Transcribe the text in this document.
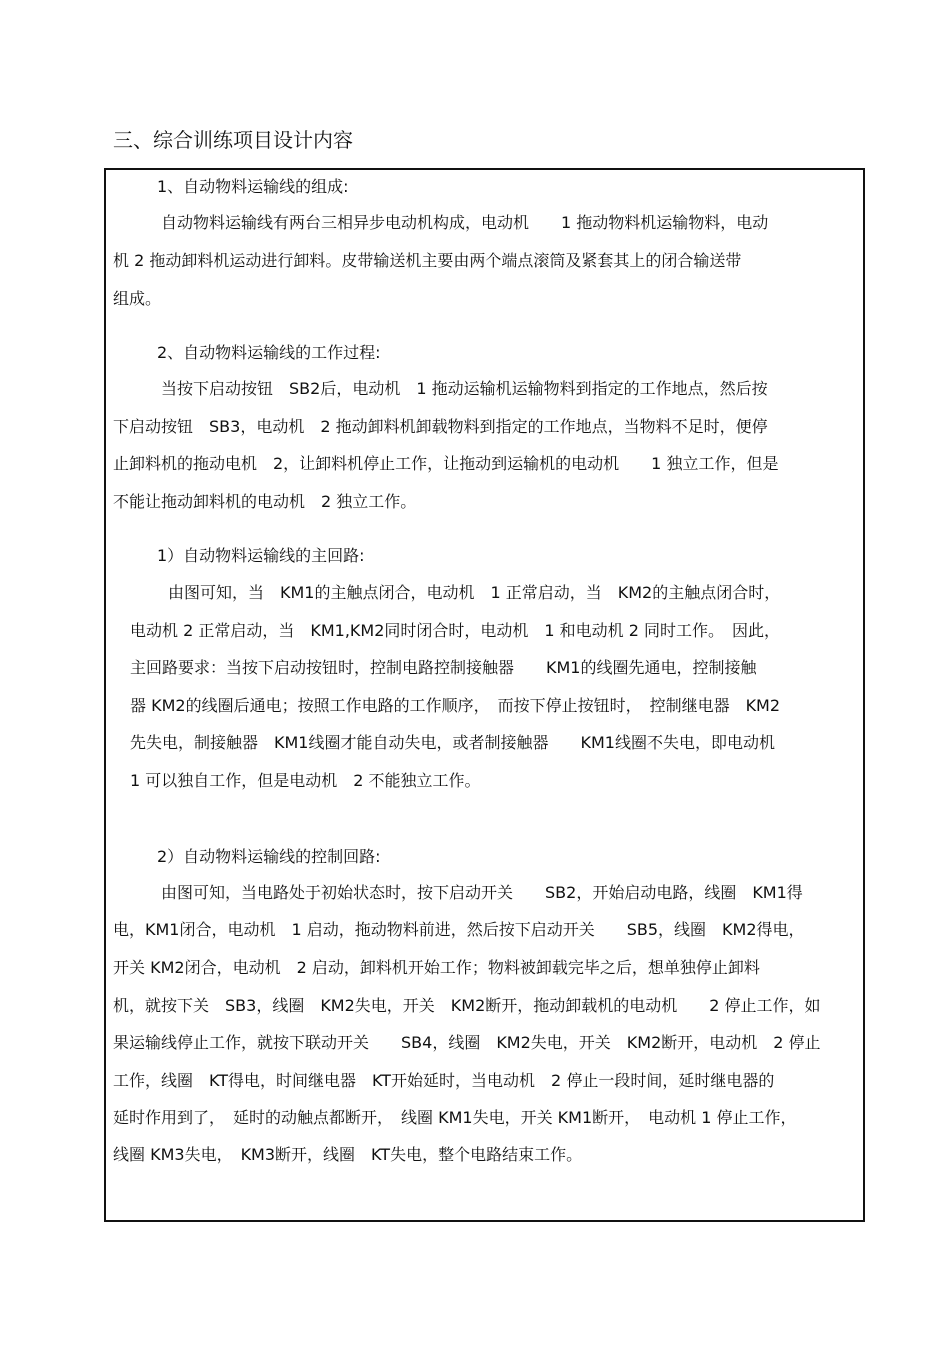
三、综合训练项目设计内容
1、自动物料运输线的组成:
自动物料运输线有两台三相异步电动机构成，电动机　　1 拖动物料机运输物料，电动
机 2 拖动卸料机运动进行卸料。皮带输送机主要由两个端点滚筒及紧套其上的闭合输送带
组成。
2、自动物料运输线的工作过程:
当按下启动按钮　SB2后，电动机　1 拖动运输机运输物料到指定的工作地点，然后按
下启动按钮　SB3，电动机　2 拖动卸料机卸载物料到指定的工作地点，当物料不足时，便停
止卸料机的拖动电机　2，让卸料机停止工作，让拖动到运输机的电动机　　1 独立工作，但是
不能让拖动卸料机的电动机　2 独立工作。
1）自动物料运输线的主回路:
由图可知，当　KM1的主触点闭合，电动机　1 正常启动，当　KM2的主触点闭合时，
电动机 2 正常启动，当　KM1,KM2同时闭合时，电动机　1 和电动机 2 同时工作。　因此，
主回路要求：当按下启动按钮时，控制电路控制接触器　　KM1的线圈先通电，控制接触
器 KM2的线圈后通电；按照工作电路的工作顺序，　而按下停止按钮时，　控制继电器　KM2
先失电，制接触器　KM1线圈才能自动失电，或者制接触器　　KM1线圈不失电，即电动机
1 可以独自工作，但是电动机　2 不能独立工作。
2）自动物料运输线的控制回路:
由图可知，当电路处于初始状态时，按下启动开关　　SB2，开始启动电路，线圈　KM1得
电，KM1闭合，电动机　1 启动，拖动物料前进，然后按下启动开关　　SB5，线圈　KM2得电，
开关 KM2闭合，电动机　2 启动，卸料机开始工作；物料被卸载完毕之后，想单独停止卸料
机，就按下关　SB3，线圈　KM2失电，开关　KM2断开，拖动卸载机的电动机　　2 停止工作，如
果运输线停止工作，就按下联动开关　　SB4，线圈　KM2失电，开关　KM2断开，电动机　2 停止
工作，线圈　KT得电，时间继电器　KT开始延时，当电动机　2 停止一段时间，延时继电器的
延时作用到了，　延时的动触点都断开，　线圈 KM1失电，开关 KM1断开，　电动机 1 停止工作，
线圈 KM3失电，　KM3断开，线圈　KT失电，整个电路结束工作。
